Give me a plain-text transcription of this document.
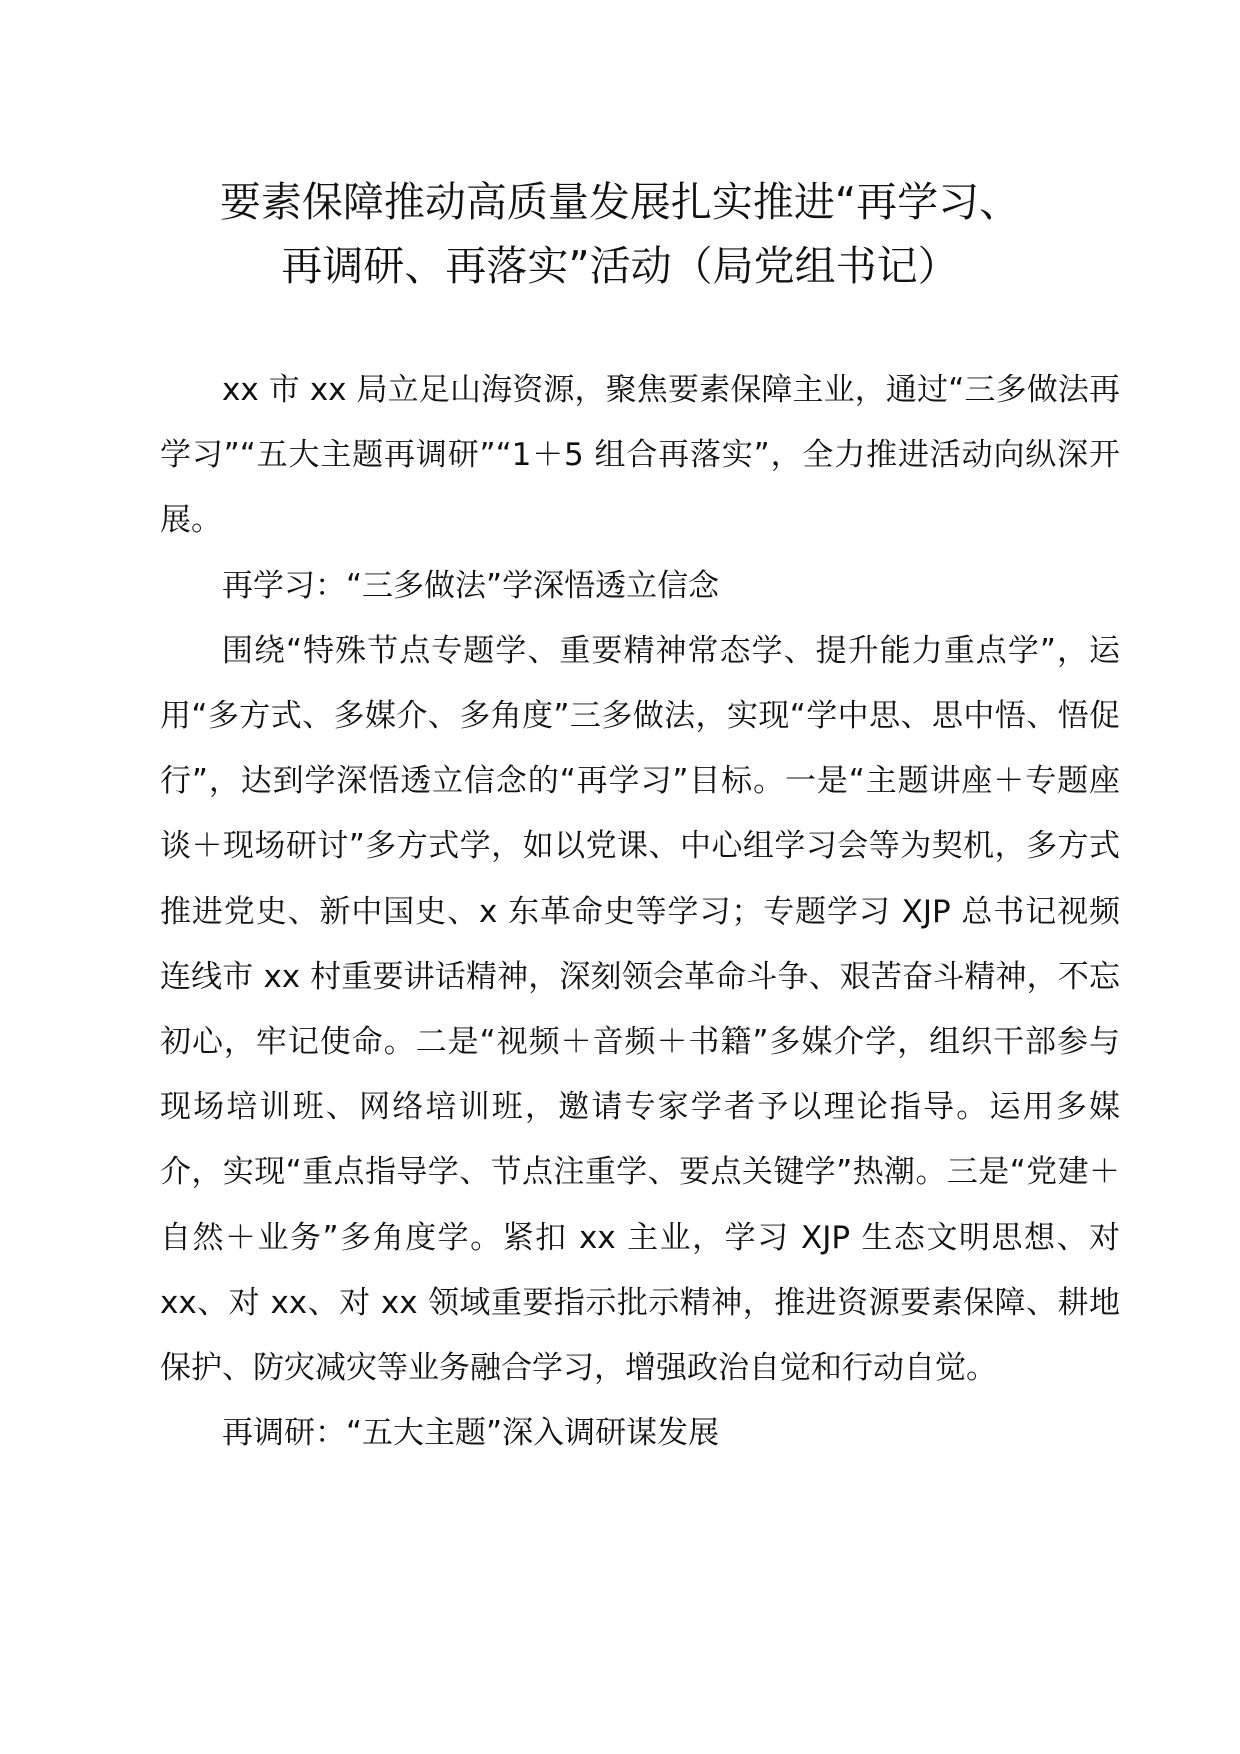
要素保障推动高质量发展扎实推进“再学习、
再调研、再落实”活动（局党组书记）

xx 市 xx 局立足山海资源，聚焦要素保障主业，通过“三多做法再学习”“五大主题再调研”“1＋5 组合再落实”，全力推进活动向纵深开展。

再学习：“三多做法”学深悟透立信念

围绕“特殊节点专题学、重要精神常态学、提升能力重点学”，运用“多方式、多媒介、多角度”三多做法，实现“学中思、思中悟、悟促行”，达到学深悟透立信念的“再学习”目标。一是“主题讲座＋专题座谈＋现场研讨”多方式学，如以党课、中心组学习会等为契机，多方式推进党史、新中国史、x 东革命史等学习；专题学习 XJP 总书记视频连线市 xx 村重要讲话精神，深刻领会革命斗争、艰苦奋斗精神，不忘初心，牢记使命。二是“视频＋音频＋书籍”多媒介学，组织干部参与现场培训班、网络培训班，邀请专家学者予以理论指导。运用多媒介，实现“重点指导学、节点注重学、要点关键学”热潮。三是“党建＋自然＋业务”多角度学。紧扣 xx 主业，学习 XJP 生态文明思想、对 xx、对 xx、对 xx 领域重要指示批示精神，推进资源要素保障、耕地保护、防灾减灾等业务融合学习，增强政治自觉和行动自觉。

再调研：“五大主题”深入调研谋发展
